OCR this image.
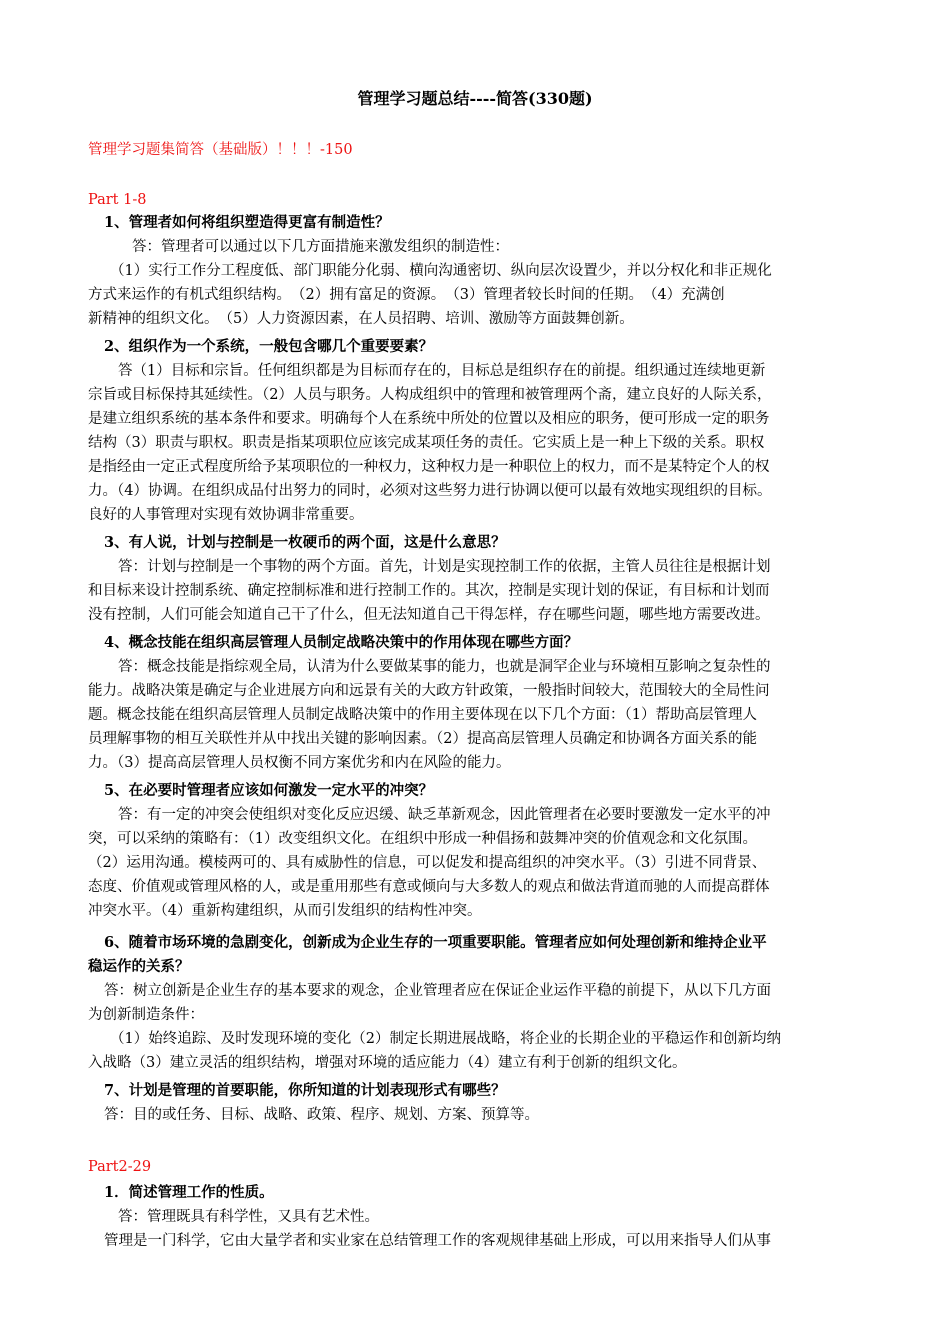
管理学习题总结----简答(330题)
管理学习题集简答（基础版）！！！-150
Part 1-8
1、管理者如何将组织塑造得更富有制造性？
答：管理者可以通过以下几方面措施来激发组织的制造性：
（1）实行工作分工程度低、部门职能分化弱、横向沟通密切、纵向层次设置少，并以分权化和非正规化
方式来运作的有机式组织结构。　（2）拥有富足的资源。　（3）管理者较长时间的任期。　（4）充满创
新精神的组织文化。　（5）人力资源因素，在人员招聘、培训、激励等方面鼓舞创新。
2、组织作为一个系统，一般包含哪几个重要要素？
答（1）目标和宗旨。任何组织都是为目标而存在的，目标总是组织存在的前提。组织通过连续地更新
宗旨或目标保持其延续性。（2）人员与职务。人构成组织中的管理和被管理两个斋，建立良好的人际关系，
是建立组织系统的基本条件和要求。明确每个人在系统中所处的位置以及相应的职务，便可形成一定的职务
结构（3）职责与职权。职责是指某项职位应该完成某项任务的责任。它实质上是一种上下级的关系。职权
是指经由一定正式程度所给予某项职位的一种权力，这种权力是一种职位上的权力，而不是某特定个人的权
力。（4）协调。在组织成品付出努力的同时，必须对这些努力进行协调以便可以最有效地实现组织的目标。
良好的人事管理对实现有效协调非常重要。
3、有人说，计划与控制是一枚硬币的两个面，这是什么意思？
答：计划与控制是一个事物的两个方面。首先，计划是实现控制工作的依据，主管人员往往是根据计划
和目标来设计控制系统、确定控制标准和进行控制工作的。其次，控制是实现计划的保证，有目标和计划而
没有控制，人们可能会知道自己干了什么，但无法知道自己干得怎样，存在哪些问题，哪些地方需要改进。
4、概念技能在组织高层管理人员制定战略决策中的作用体现在哪些方面？
答：概念技能是指综观全局，认清为什么要做某事的能力，也就是洞罕企业与环境相互影响之复杂性的
能力。战略决策是确定与企业进展方向和远景有关的大政方针政策，一般指时间较大，范围较大的全局性问
题。概念技能在组织高层管理人员制定战略决策中的作用主要体现在以下几个方面：（1）帮助高层管理人
员理解事物的相互关联性并从中找出关键的影响因素。（2）提高高层管理人员确定和协调各方面关系的能
力。（3）提高高层管理人员权衡不同方案优劣和内在风险的能力。
5、在必要时管理者应该如何激发一定水平的冲突？
答：有一定的冲突会使组织对变化反应迟缓、缺乏革新观念，因此管理者在必要时要激发一定水平的冲
突，可以采纳的策略有：（1）改变组织文化。在组织中形成一种倡扬和鼓舞冲突的价值观念和文化氛围。
（2）运用沟通。模棱两可的、具有威胁性的信息，可以促发和提高组织的冲突水平。（3）引进不同背景、
态度、价值观或管理风格的人，或是重用那些有意或倾向与大多数人的观点和做法背道而驰的人而提高群体
冲突水平。（4）重新构建组织，从而引发组织的结构性冲突。
6、随着市场环境的急剧变化，创新成为企业生存的一项重要职能。管理者应如何处理创新和维持企业平
稳运作的关系？
答：树立创新是企业生存的基本要求的观念，企业管理者应在保证企业运作平稳的前提下，从以下几方面
为创新制造条件：
（1）始终追踪、及时发现环境的变化（2）制定长期进展战略，将企业的长期企业的平稳运作和创新均纳
入战略（3）建立灵活的组织结构，增强对环境的适应能力（4）建立有利于创新的组织文化。
7、计划是管理的首要职能，你所知道的计划表现形式有哪些？
答：目的或任务、目标、战略、政策、程序、规划、方案、预算等。
Part2-29
1．简述管理工作的性质。
答：管理既具有科学性，又具有艺术性。
管理是一门科学，它由大量学者和实业家在总结管理工作的客观规律基础上形成，可以用来指导人们从事
